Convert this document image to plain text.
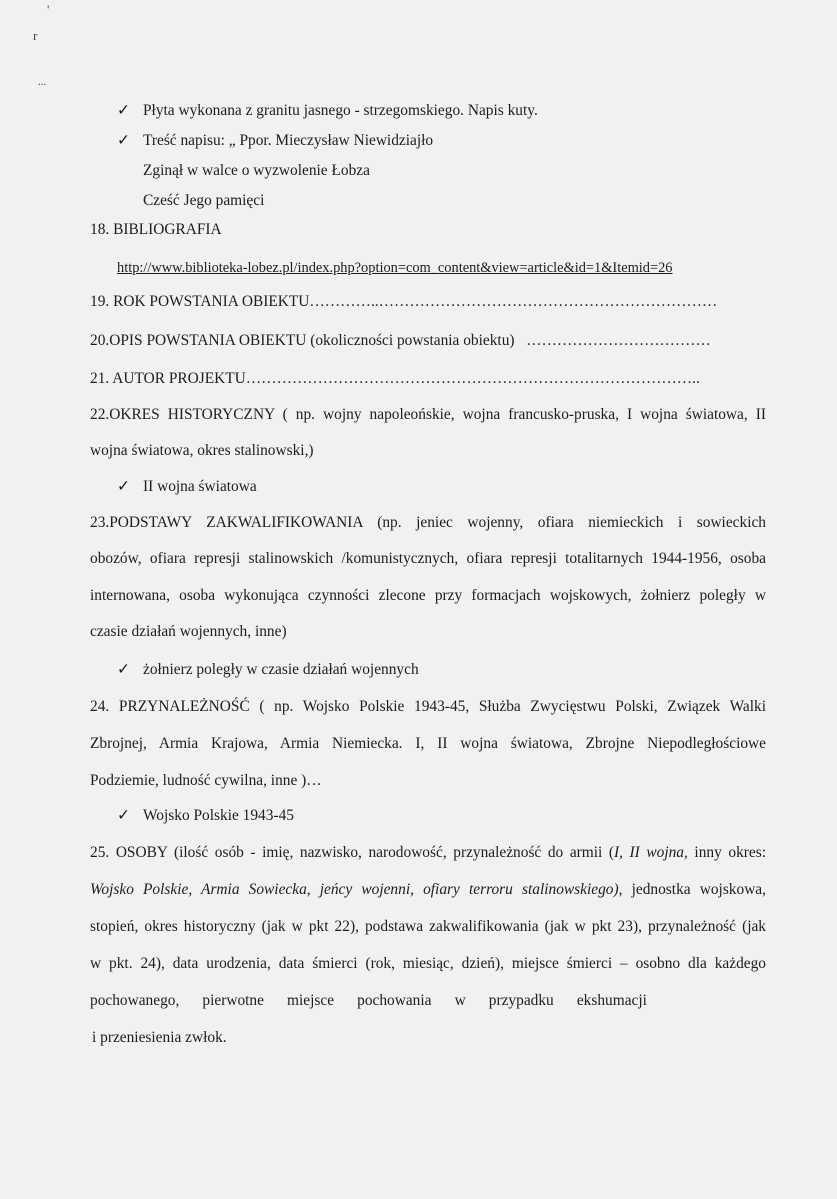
'
r
...
✓ Płyta wykonana z granitu jasnego - strzegomskiego. Napis kuty.
✓ Treść napisu: „ Ppor. Mieczysław Niewidziajło
Zginął w walce o wyzwolenie Łobza
Cześć Jego pamięci
18. BIBLIOGRAFIA
http://www.biblioteka-lobez.pl/index.php?option=com_content&view=article&id=1&Itemid=26
19. ROK POWSTANIA OBIEKTU…………..…………………………………………………………
20.OPIS POWSTANIA OBIEKTU (okoliczności powstania obiektu) ………………………………
21. AUTOR PROJEKTU……………………………………………………………………………..
22.OKRES HISTORYCZNY ( np. wojny napoleońskie, wojna francusko-pruska, I wojna światowa, II
wojna światowa, okres stalinowski,)
✓ II wojna światowa
23.PODSTAWY ZAKWALIFIKOWANIA (np. jeniec wojenny, ofiara niemieckich i sowieckich
obozów, ofiara represji stalinowskich /komunistycznych, ofiara represji totalitarnych 1944-1956, osoba
internowana, osoba wykonująca czynności zlecone przy formacjach wojskowych, żołnierz poległy w
czasie działań wojennych, inne)
✓ żołnierz poległy w czasie działań wojennych
24. PRZYNALEŻNOŚĆ ( np. Wojsko Polskie 1943-45, Służba Zwycięstwu Polski, Związek Walki
Zbrojnej, Armia Krajowa, Armia Niemiecka. I, II wojna światowa, Zbrojne Niepodległościowe
Podziemie, ludność cywilna, inne )…
✓ Wojsko Polskie 1943-45
25. OSOBY (ilość osób - imię, nazwisko, narodowość, przynależność do armii (I, II wojna, inny okres:
Wojsko Polskie, Armia Sowiecka, jeńcy wojenni, ofiary terroru stalinowskiego), jednostka wojskowa,
stopień, okres historyczny (jak w pkt 22), podstawa zakwalifikowania (jak w pkt 23), przynależność (jak
w pkt. 24), data urodzenia, data śmierci (rok, miesiąc, dzień), miejsce śmierci – osobno dla każdego
pochowanego,      pierwotne      miejsce      pochowania      w      przypadku      ekshumacji
i przeniesienia zwłok.
